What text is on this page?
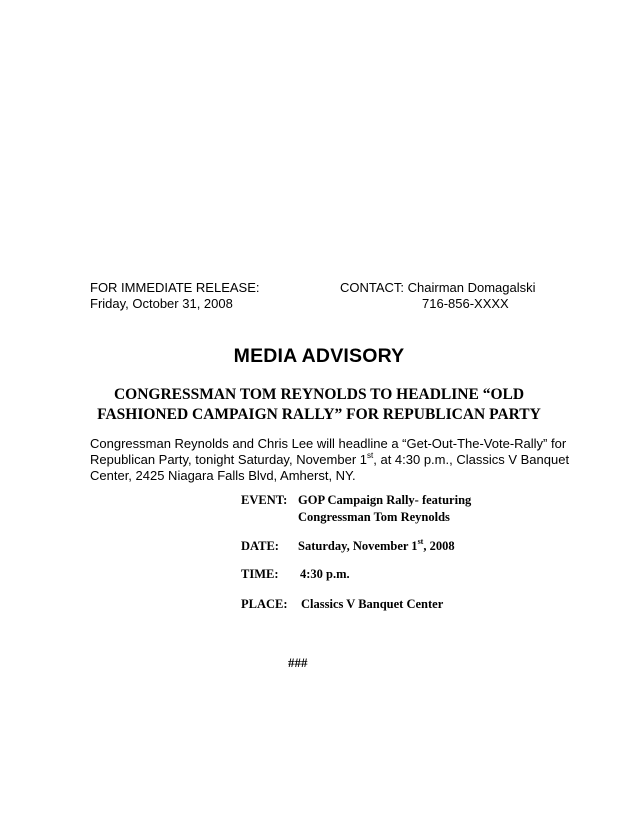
FOR IMMEDIATE RELEASE:
Friday, October 31, 2008
CONTACT: Chairman Domagalski
716-856-XXXX
MEDIA ADVISORY
CONGRESSMAN TOM REYNOLDS TO HEADLINE “OLD
FASHIONED CAMPAIGN RALLY” FOR REPUBLICAN PARTY
Congressman Reynolds and Chris Lee will headline a “Get-Out-The-Vote-Rally” for
Republican Party, tonight Saturday, November 1st, at 4:30 p.m., Classics V Banquet
Center, 2425 Niagara Falls Blvd, Amherst, NY.
EVENT: GOP Campaign Rally- featuring
Congressman Tom Reynolds
DATE: Saturday, November 1st, 2008
TIME: 4:30 p.m.
PLACE: Classics V Banquet Center
###
